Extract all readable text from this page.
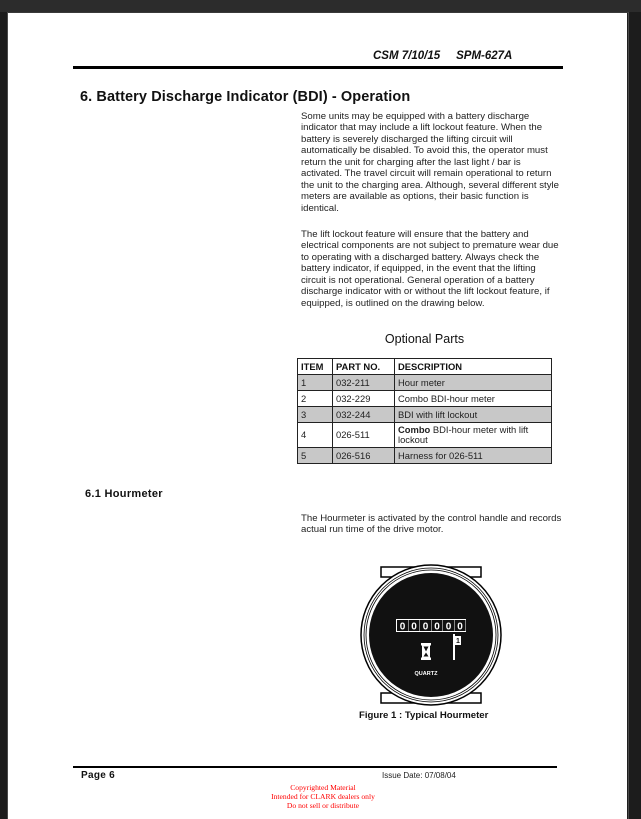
CSM 7/10/15 SPM-627A
6. Battery Discharge Indicator (BDI) - Operation
Some units may be equipped with a battery discharge indicator that may include a lift lockout feature. When the battery is severely discharged the lifting circuit will automatically be disabled. To avoid this, the operator must return the unit for charging after the last light / bar is activated. The travel circuit will remain operational to return the unit to the charging area. Although, several different style meters are available as options, their basic function is identical.
The lift lockout feature will ensure that the battery and electrical components are not subject to premature wear due to operating with a discharged battery. Always check the battery indicator, if equipped, in the event that the lifting circuit is not operational. General operation of a battery discharge indicator with or without the lift lockout feature, if equipped, is outlined on the drawing below.
Optional Parts
ITEM	PART NO.	DESCRIPTION
1	032-211	Hour meter
2	032-229	Combo BDI-hour meter
3	032-244	BDI with lift lockout
4	026-511	Combo BDI-hour meter with lift lockout
5	026-516	Harness for 026-511
6.1 Hourmeter
The Hourmeter is activated by the control handle and records actual run time of the drive motor.
0 0 0 0 0 0
1
QUARTZ
Figure 1 : Typical Hourmeter
Page 6	Issue Date: 07/08/04
Copyrighted Material
Intended for CLARK dealers only
Do not sell or distribute
